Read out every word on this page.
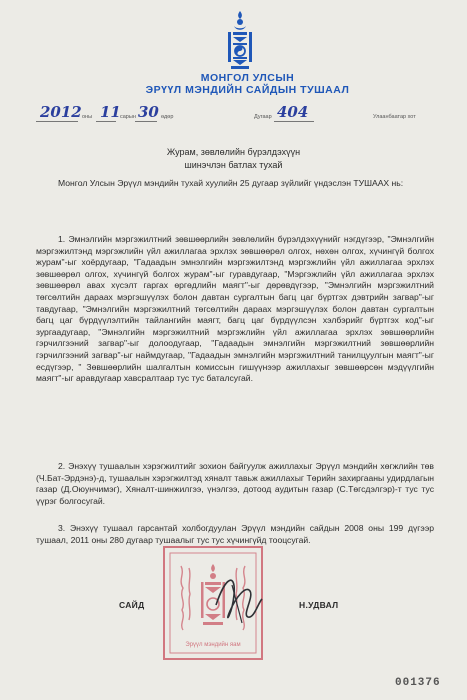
МОНГОЛ УЛСЫН
ЭРҮҮЛ МЭНДИЙН САЙДЫН ТУШААЛ
2012 оны 11 сарын 30 өдөр	Дугаар 404	Улаанбаатар хот
Журам, зөвлөлийн бүрэлдэхүүн
шинэчлэн батлах тухай
Монгол Улсын Эрүүл мэндийн тухай хуулийн 25 дугаар зүйлийг үндэслэн ТУШААХ нь:
1. Эмнэлгийн мэргэжилтний зөвшөөрлийн зөвлөлийн бүрэлдэхүүнийг нэгдүгээр, "Эмнэлгийн мэргэжилтэнд мэргэжлийн үйл ажиллагаа эрхлэх зөвшөөрөл олгох, нөхөн олгох, хүчингүй болгох журам"-ыг хоёрдугаар, "Гадаадын эмнэлгийн мэргэжилтэнд мэргэжлийн үйл ажиллагаа эрхлэх зөвшөөрөл олгох, хүчингүй болгох журам"-ыг гуравдугаар, "Мэргэжлийн үйл ажиллагаа эрхлэх зөвшөөрөл авах хүсэлт гаргах өргөдлийн маягт"-ыг дөрөвдүгээр, "Эмнэлгийн мэргэжилтний төгсөлтийн дараах мэргэшүүлэх болон давтан сургалтын багц цаг бүртгэх дэвтрийн загвар"-ыг тавдугаар, "Эмнэлгийн мэргэжилтний төгсөлтийн дараах мэргэшүүлэх болон давтан сургалтын багц цаг бүрдүүлэлтийн тайлангийн маягт, багц цаг бүрдүүлсэн хэлбэрийг бүртгэх код"-ыг зургаадугаар, "Эмнэлгийн мэргэжилтний мэргэжлийн үйл ажиллагаа эрхлэх зөвшөөрлийн гэрчилгээний загвар"-ыг долоодугаар, "Гадаадын эмнэлгийн мэргэжилтний зөвшөөрлийн гэрчилгээний загвар"-ыг наймдугаар, "Гадаадын эмнэлгийн мэргэжилтний танилцуулгын маягт"-ыг есдүгээр, " Зөвшөөрлийн шалгалтын комиссын гишүүнээр ажиллахыг зөвшөөрсөн мэдүүлгийн маягт"-ыг аравдугаар хавсралтаар тус тус баталсугай.
2. Энэхүү тушаалын хэрэгжилтийг зохион байгуулж ажиллахыг Эрүүл мэндийн хөгжлийн төв (Ч.Бат-Эрдэнэ)-д, тушаалын хэрэгжилтэд хяналт тавьж ажиллахыг Төрийн захиргааны удирдлагын газар (Д.Оюунчимэг), Хяналт-шинжилгээ, үнэлгээ, дотоод аудитын газар (С.Төгсдэлгэр)-т тус тус үүрэг болгосугай.
3. Энэхүү тушаал гарсантай холбогдуулан Эрүүл мэндийн сайдын 2008 оны 199 дүгээр тушаал, 2011 оны 280 дугаар тушаалыг тус тус хүчингүйд тооцсугай.
Эрүүл мэндийн яам
САЙД	Н.УДВАЛ
001376
